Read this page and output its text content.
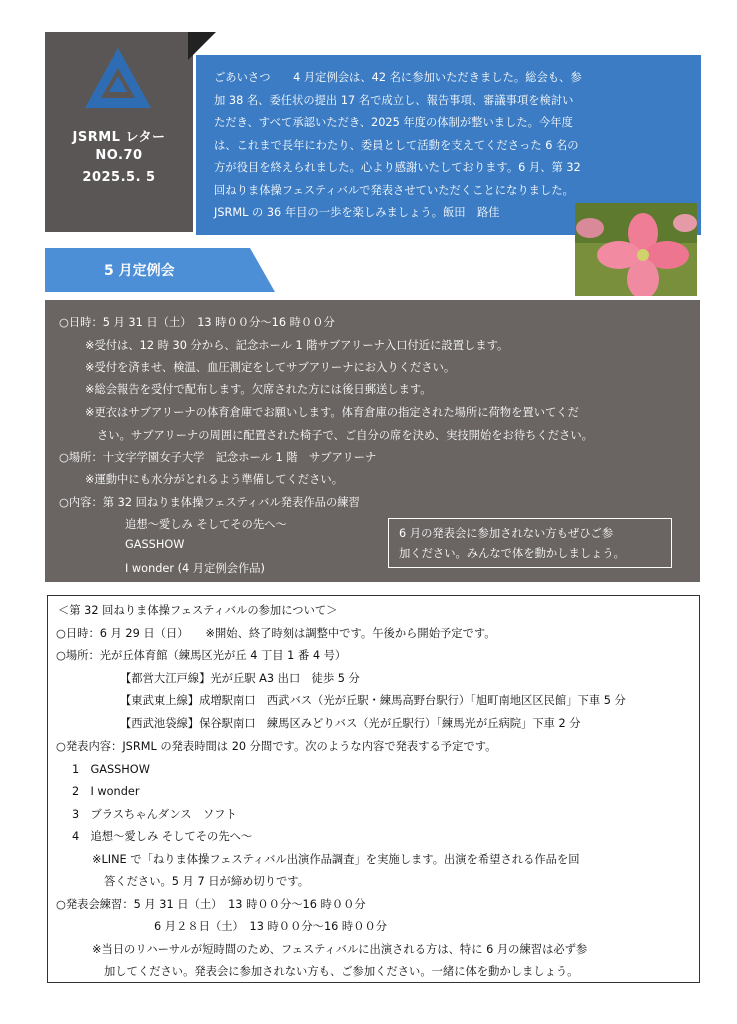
JSRML レター
NO.70
2025.5. 5
ごあいさつ　　4 月定例会は、42 名に参加いただきました。総会も、参
加 38 名、委任状の提出 17 名で成立し、報告事項、審議事項を検討い
ただき、すべて承認いただき、2025 年度の体制が整いました。今年度
は、これまで長年にわたり、委員として活動を支えてくださった 6 名の
方が役目を終えられました。心より感謝いたしております。6 月、第 32
回ねりま体操フェスティバルで発表させていただくことになりました。
JSRML の 36 年目の一歩を楽しみましょう。飯田　路佳
5 月定例会
○日時：5 月 31 日（土）　13 時００分～16 時００分
※受付は、12 時 30 分から、記念ホール 1 階サブアリーナ入口付近に設置します。
※受付を済ませ、検温、血圧測定をしてサブアリーナにお入りください。
※総会報告を受付で配布します。欠席された方には後日郵送します。
※更衣はサブアリーナの体育倉庫でお願いします。体育倉庫の指定された場所に荷物を置いてくだ
さい。サブアリーナの周囲に配置された椅子で、ご自分の席を決め、実技開始をお待ちください。
○場所：十文字学園女子大学　記念ホール 1 階　サブアリーナ
※運動中にも水分がとれるよう準備してください。
○内容：第 32 回ねりま体操フェスティバル発表作品の練習
追想～愛しみ そしてその先へ～
GASSHOW
I wonder (4 月定例会作品)
6 月の発表会に参加されない方もぜひご参
加ください。みんなで体を動かしましょう。
＜第 32 回ねりま体操フェスティバルの参加について＞
○日時：6 月 29 日（日）　　※開始、終了時刻は調整中です。午後から開始予定です。
○場所：光が丘体育館（練馬区光が丘 4 丁目 1 番 4 号）
【都営大江戸線】光が丘駅 A3 出口　徒歩 5 分
【東武東上線】成増駅南口　西武バス（光が丘駅・練馬高野台駅行）「旭町南地区区民館」下車 5 分
【西武池袋線】保谷駅南口　練馬区みどりバス（光が丘駅行）「練馬光が丘病院」下車 2 分
○発表内容：JSRML の発表時間は 20 分間です。次のような内容で発表する予定です。
1　GASSHOW
2　I wonder
3　ブラスちゃんダンス　ソフト
4　追想～愛しみ そしてその先へ～
※LINE で「ねりま体操フェスティバル出演作品調査」を実施します。出演を希望される作品を回
答ください。5 月 7 日が締め切りです。
○発表会練習：5 月 31 日（土）　13 時００分～16 時００分
6 月２８日（土）　13 時００分～16 時００分
※当日のリハーサルが短時間のため、フェスティバルに出演される方は、特に 6 月の練習は必ず参
加してください。発表会に参加されない方も、ご参加ください。一緒に体を動かしましょう。
